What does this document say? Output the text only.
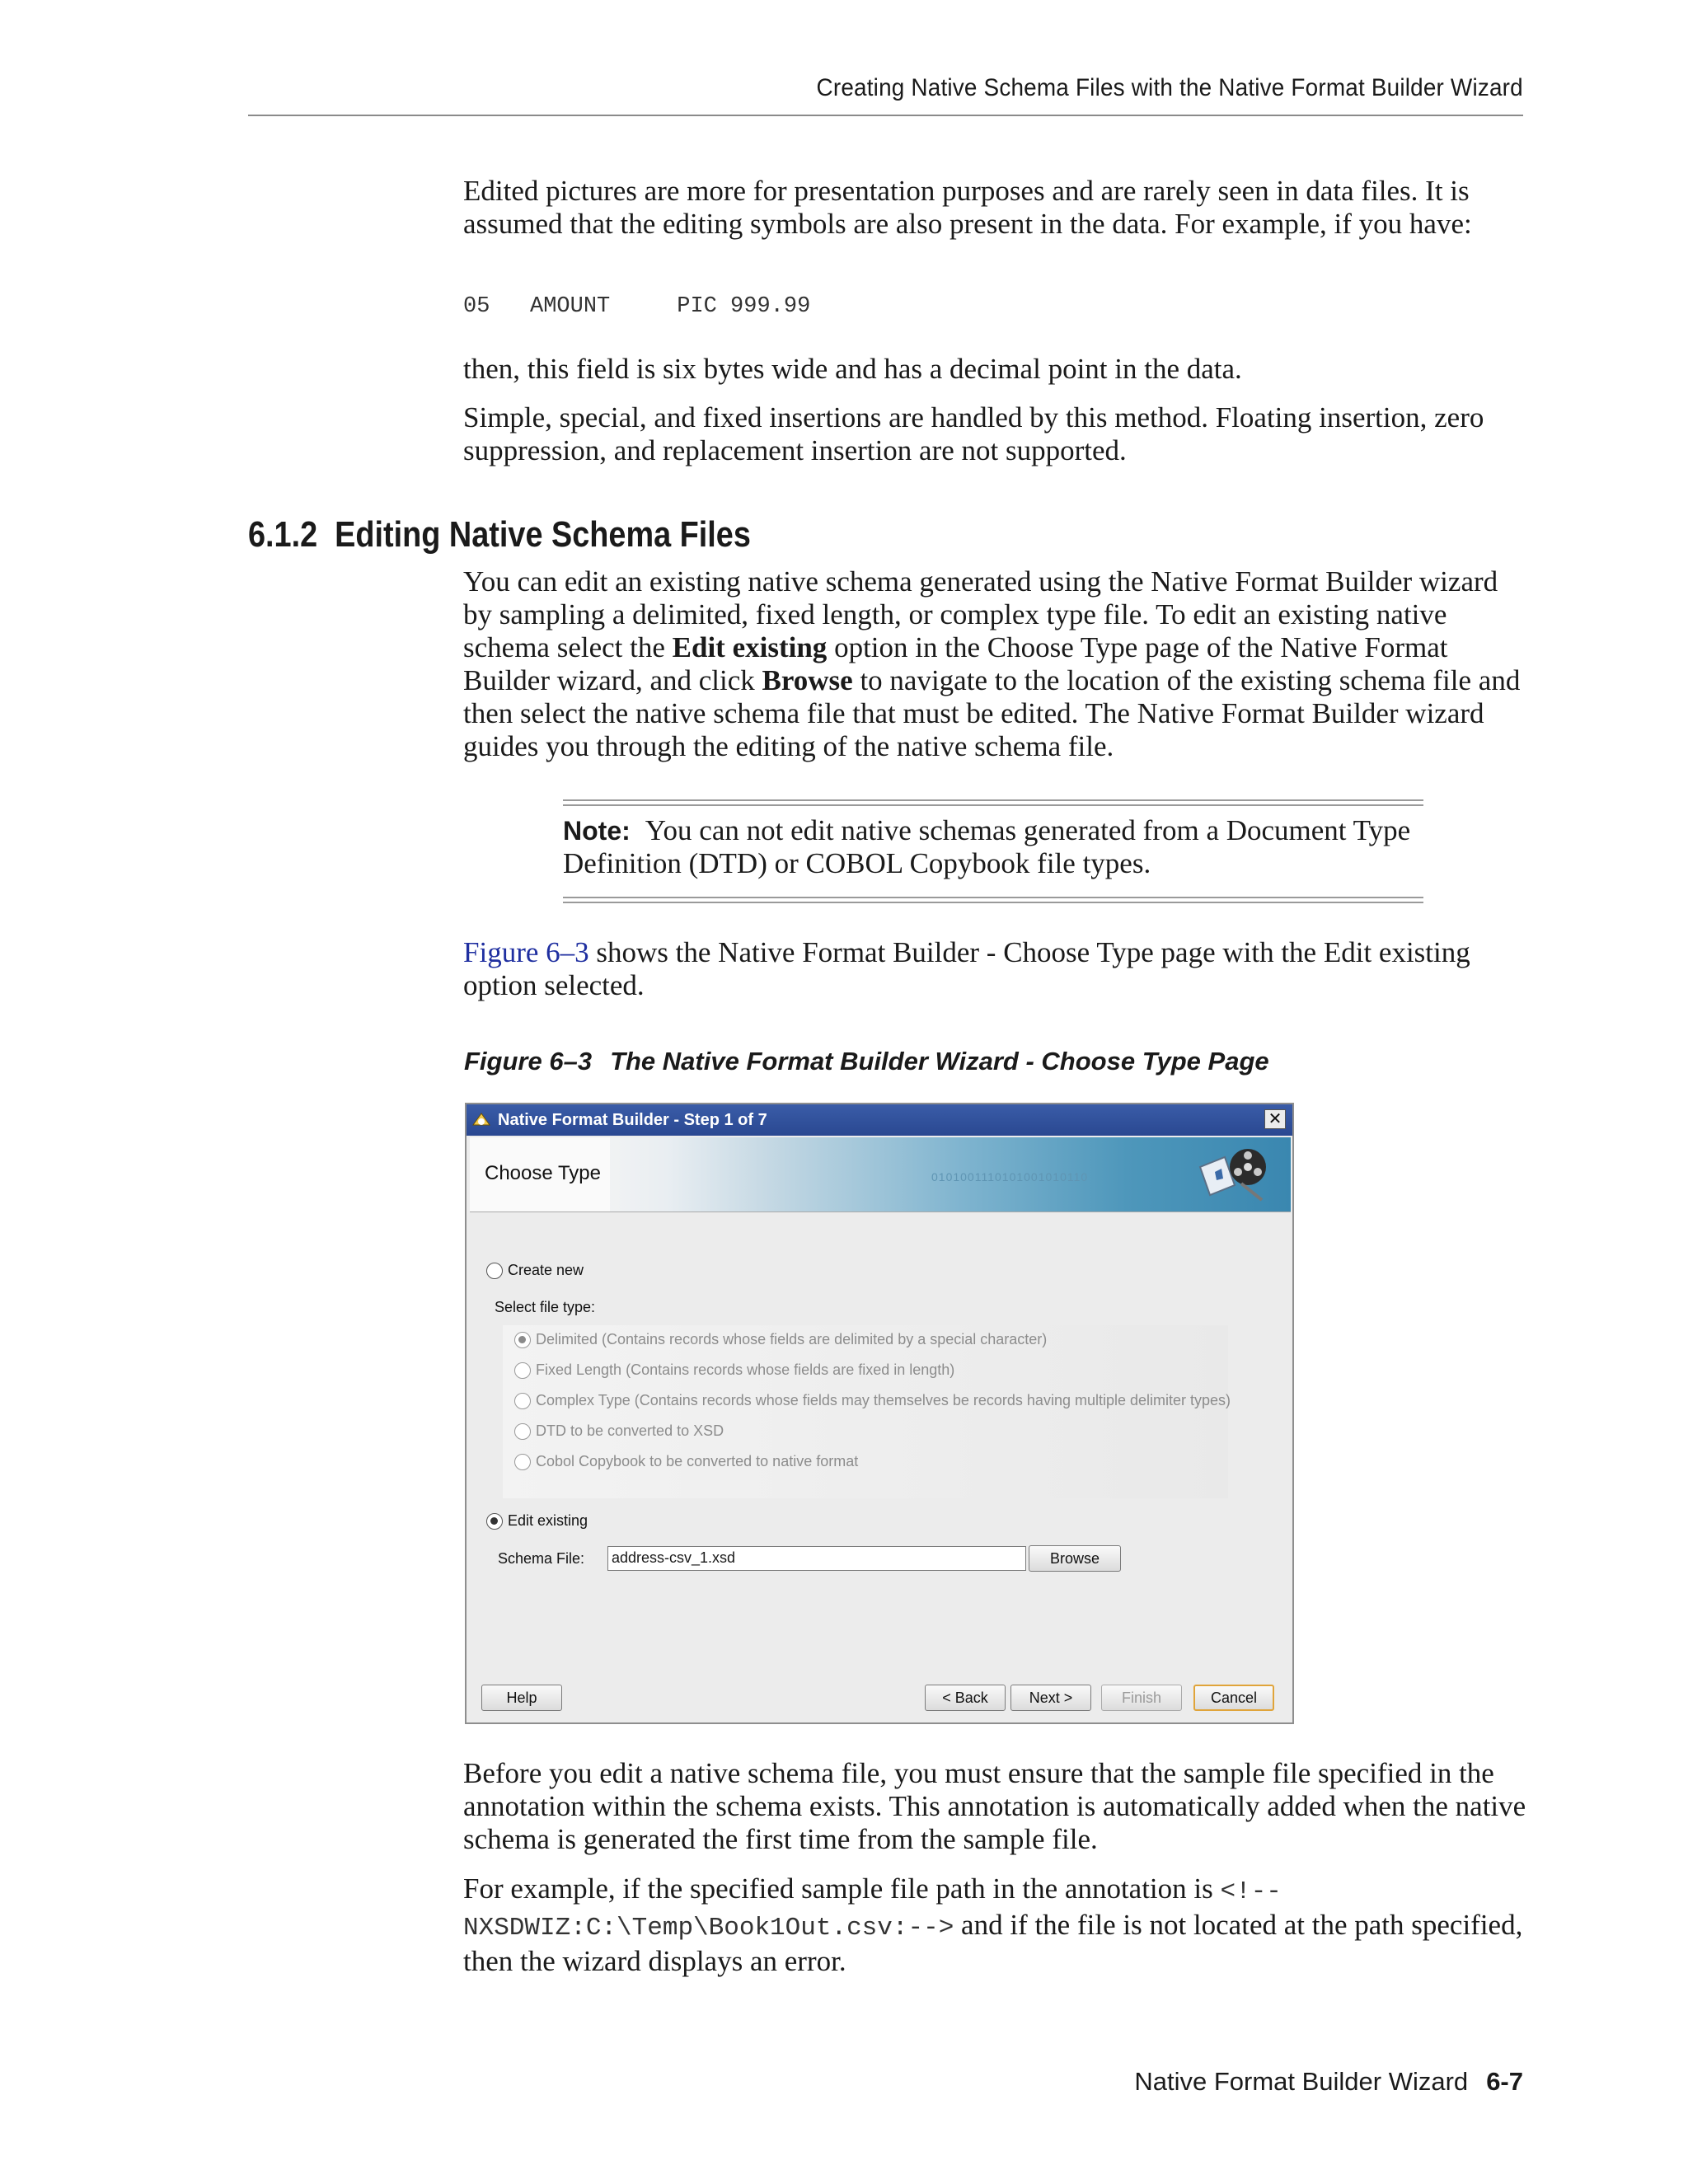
Creating Native Schema Files with the Native Format Builder Wizard

Edited pictures are more for presentation purposes and are rarely seen in data files. It is assumed that the editing symbols are also present in the data. For example, if you have:

05   AMOUNT     PIC 999.99

then, this field is six bytes wide and has a decimal point in the data.

Simple, special, and fixed insertions are handled by this method. Floating insertion, zero suppression, and replacement insertion are not supported.

6.1.2  Editing Native Schema Files

You can edit an existing native schema generated using the Native Format Builder wizard by sampling a delimited, fixed length, or complex type file. To edit an existing native schema select the Edit existing option in the Choose Type page of the Native Format Builder wizard, and click Browse to navigate to the location of the existing schema file and then select the native schema file that must be edited. The Native Format Builder wizard guides you through the editing of the native schema file.

Note: You can not edit native schemas generated from a Document Type Definition (DTD) or COBOL Copybook file types.

Figure 6–3 shows the Native Format Builder - Choose Type page with the Edit existing option selected.

Figure 6–3 The Native Format Builder Wizard - Choose Type Page
Native Format Builder - Step 1 of 7	✕
Choose Type	0101001110101001010110
Create new
Select file type:
Delimited (Contains records whose fields are delimited by a special character)
Fixed Length (Contains records whose fields are fixed in length)
Complex Type (Contains records whose fields may themselves be records having multiple delimiter types)
DTD to be converted to XSD
Cobol Copybook to be converted to native format
Edit existing
Schema File: address-csv_1.xsd	Browse
Help	< Back	Next >	Finish	Cancel

Before you edit a native schema file, you must ensure that the sample file specified in the annotation within the schema exists. This annotation is automatically added when the native schema is generated the first time from the sample file.

For example, if the specified sample file path in the annotation is <!--NXSDWIZ:C:\Temp\Book1Out.csv:--> and if the file is not located at the path specified, then the wizard displays an error.

Native Format Builder Wizard 6-7
